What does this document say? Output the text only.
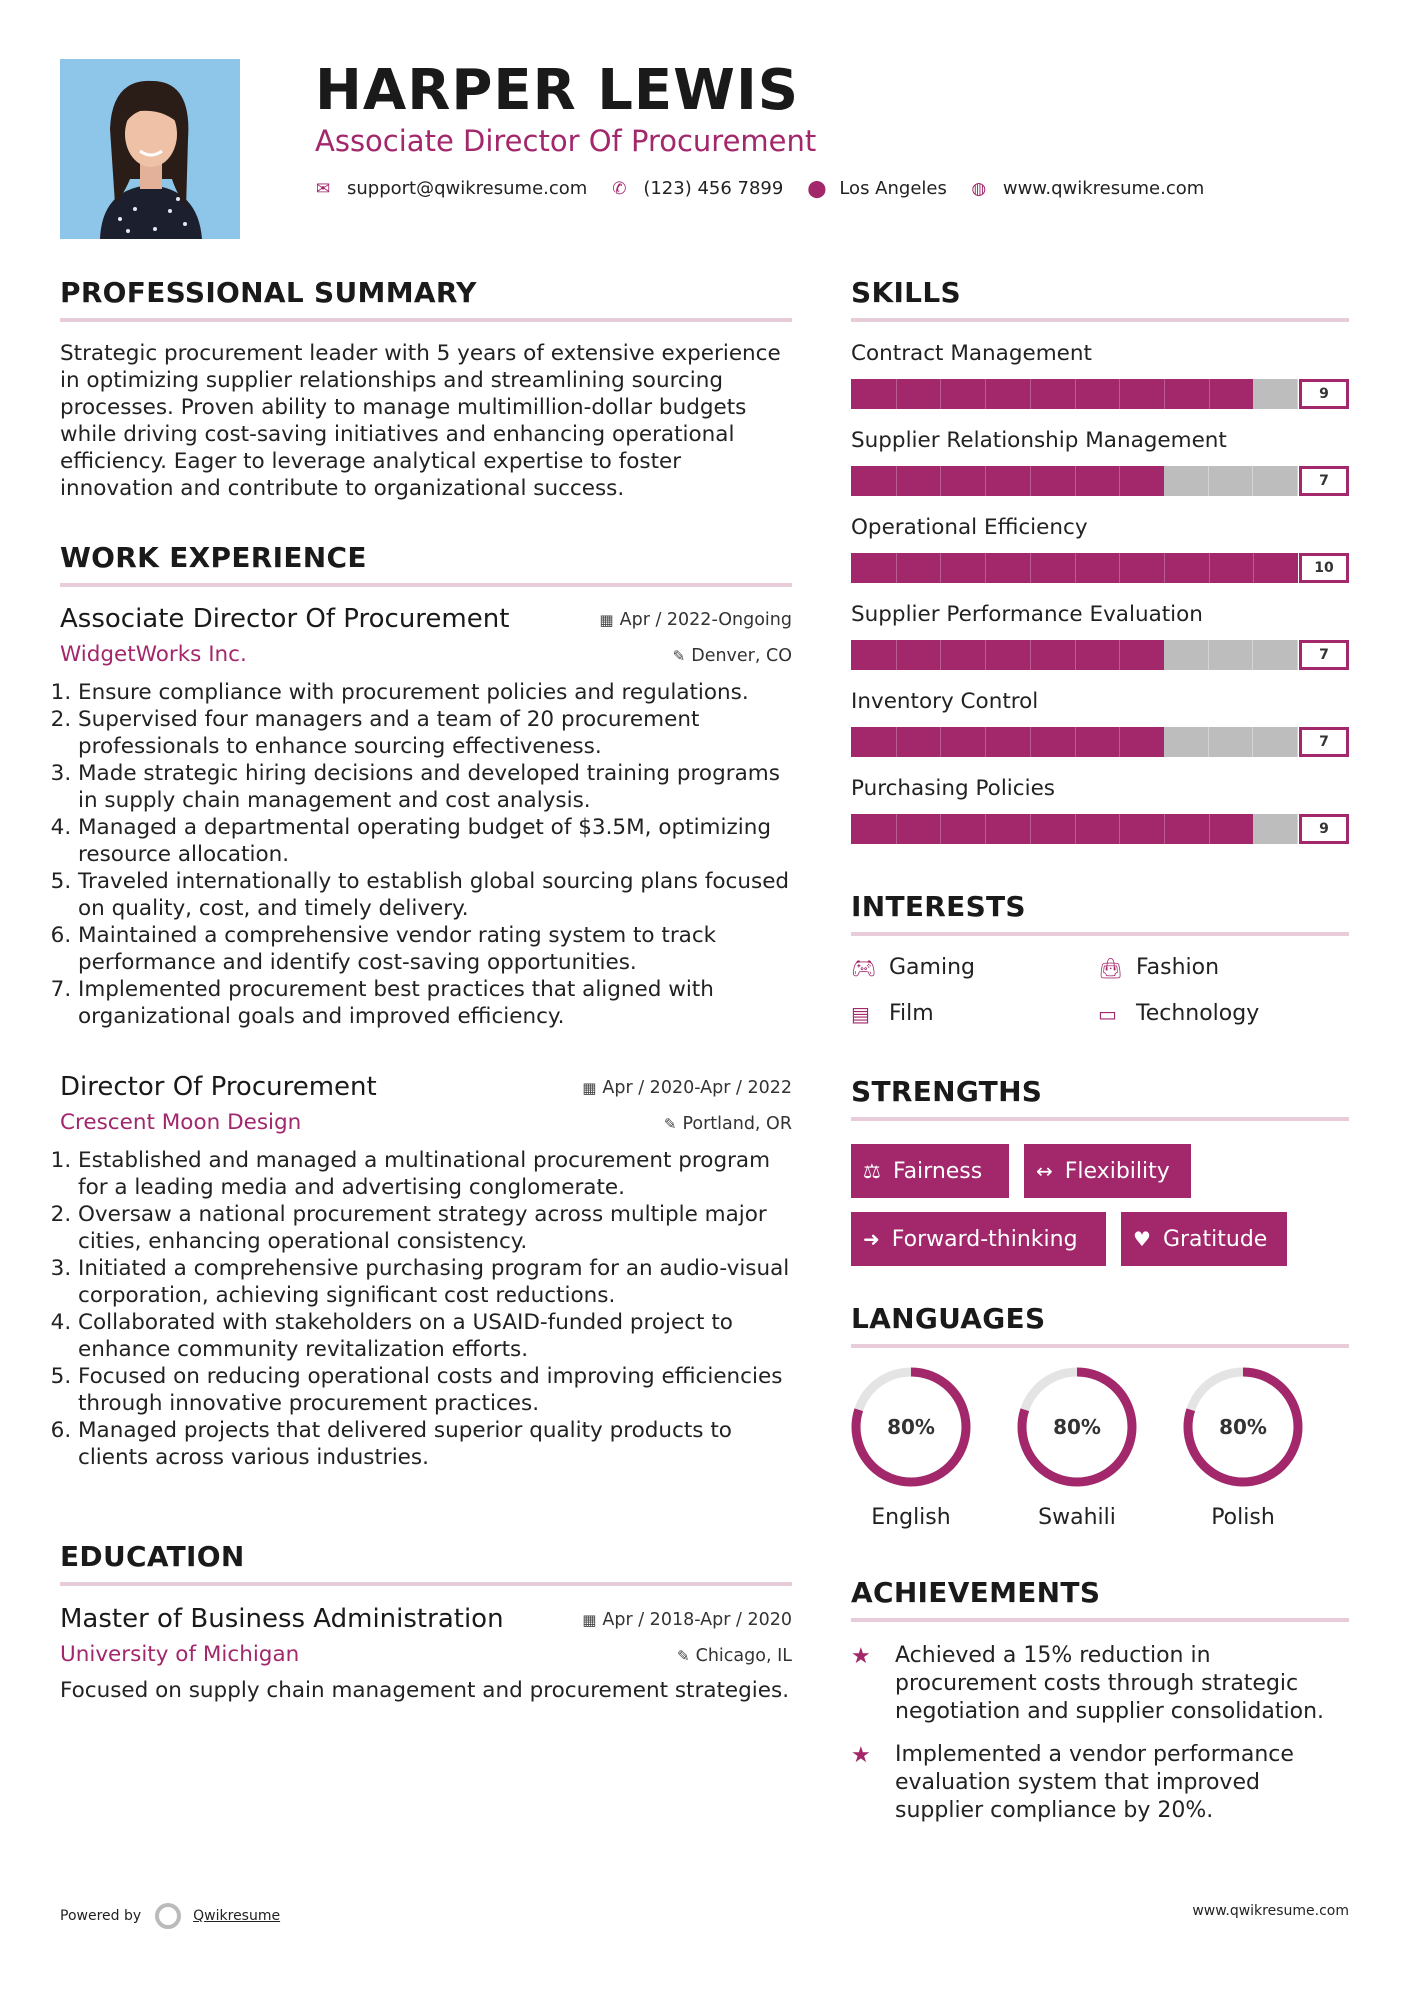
HARPER LEWIS
Associate Director Of Procurement
✉ support@qwikresume.com ✆ (123) 456 7899 ⬤ Los Angeles ◍ www.qwikresume.com
PROFESSIONAL SUMMARY
Strategic procurement leader with 5 years of extensive experience in optimizing supplier relationships and streamlining sourcing processes. Proven ability to manage multimillion-dollar budgets while driving cost-saving initiatives and enhancing operational efficiency. Eager to leverage analytical expertise to foster innovation and contribute to organizational success.
WORK EXPERIENCE
Associate Director Of Procurement	▦ Apr / 2022-Ongoing
WidgetWorks Inc.	✎ Denver, CO
1. Ensure compliance with procurement policies and regulations.
2. Supervised four managers and a team of 20 procurement professionals to enhance sourcing effectiveness.
3. Made strategic hiring decisions and developed training programs in supply chain management and cost analysis.
4. Managed a departmental operating budget of $3.5M, optimizing resource allocation.
5. Traveled internationally to establish global sourcing plans focused on quality, cost, and timely delivery.
6. Maintained a comprehensive vendor rating system to track performance and identify cost-saving opportunities.
7. Implemented procurement best practices that aligned with organizational goals and improved efficiency.
Director Of Procurement	▦ Apr / 2020-Apr / 2022
Crescent Moon Design	✎ Portland, OR
1. Established and managed a multinational procurement program for a leading media and advertising conglomerate.
2. Oversaw a national procurement strategy across multiple major cities, enhancing operational consistency.
3. Initiated a comprehensive purchasing program for an audio-visual corporation, achieving significant cost reductions.
4. Collaborated with stakeholders on a USAID-funded project to enhance community revitalization efforts.
5. Focused on reducing operational costs and improving efficiencies through innovative procurement practices.
6. Managed projects that delivered superior quality products to clients across various industries.
EDUCATION
Master of Business Administration	▦ Apr / 2018-Apr / 2020
University of Michigan	✎ Chicago, IL
Focused on supply chain management and procurement strategies.
SKILLS
Contract Management
9
Supplier Relationship Management
7
Operational Efficiency
10
Supplier Performance Evaluation
7
Inventory Control
7
Purchasing Policies
9
INTERESTS
🎮︎ Gaming	👜︎ Fashion
▤ Film	▭ Technology
STRENGTHS
⚖ Fairness	↔ Flexibility
➜ Forward-thinking	♥ Gratitude
LANGUAGES
80%
English
80%
Swahili
80%
Polish
ACHIEVEMENTS
★	Achieved a 15% reduction in procurement costs through strategic negotiation and supplier consolidation.
★	Implemented a vendor performance evaluation system that improved supplier compliance by 20%.
Powered by	Qwikresume	www.qwikresume.com
